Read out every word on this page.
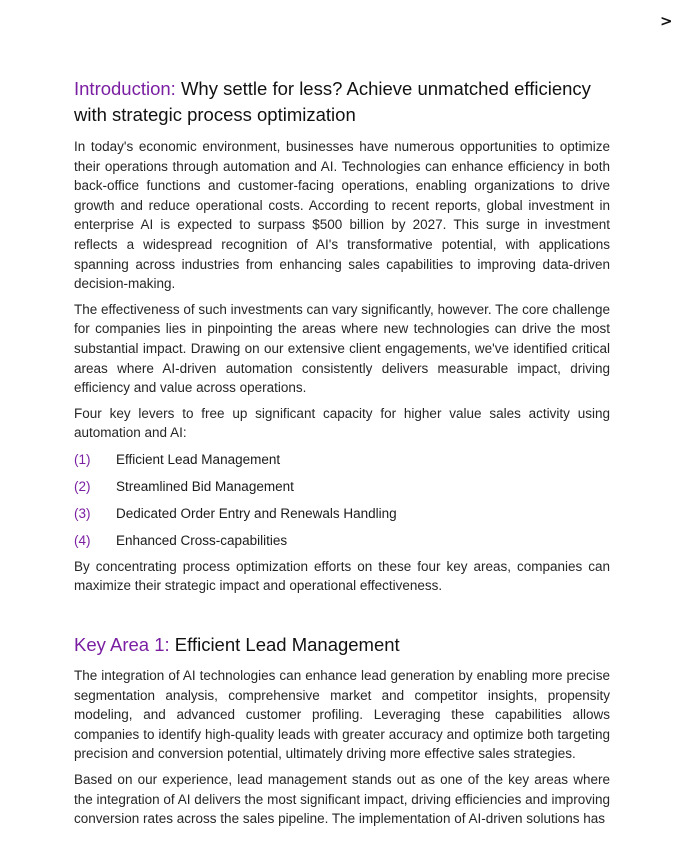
>
Introduction: Why settle for less? Achieve unmatched efficiency with strategic process optimization

In today's economic environment, businesses have numerous opportunities to optimize their operations through automation and AI. Technologies can enhance efficiency in both back-office functions and customer-facing operations, enabling organizations to drive growth and reduce operational costs. According to recent reports, global investment in enterprise AI is expected to surpass $500 billion by 2027. This surge in investment reflects a widespread recognition of AI's transformative potential, with applications spanning across industries from enhancing sales capabilities to improving data-driven decision-making.

The effectiveness of such investments can vary significantly, however. The core challenge for companies lies in pinpointing the areas where new technologies can drive the most substantial impact. Drawing on our extensive client engagements, we've identified critical areas where AI-driven automation consistently delivers measurable impact, driving efficiency and value across operations.

Four key levers to free up significant capacity for higher value sales activity using automation and AI:

(1)	Efficient Lead Management
(2)	Streamlined Bid Management
(3)	Dedicated Order Entry and Renewals Handling
(4)	Enhanced Cross-capabilities

By concentrating process optimization efforts on these four key areas, companies can maximize their strategic impact and operational effectiveness.

Key Area 1: Efficient Lead Management

The integration of AI technologies can enhance lead generation by enabling more precise segmentation analysis, comprehensive market and competitor insights, propensity modeling, and advanced customer profiling. Leveraging these capabilities allows companies to identify high-quality leads with greater accuracy and optimize both targeting precision and conversion potential, ultimately driving more effective sales strategies.

Based on our experience, lead management stands out as one of the key areas where the integration of AI delivers the most significant impact, driving efficiencies and improving conversion rates across the sales pipeline. The implementation of AI-driven solutions has
